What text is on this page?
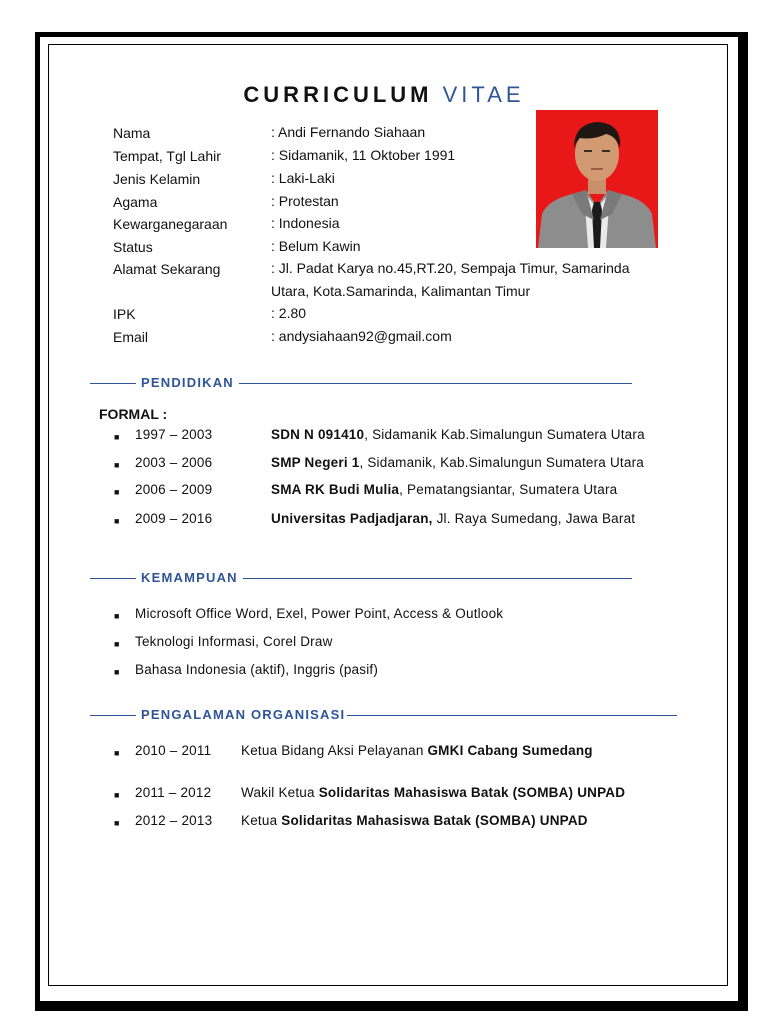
CURRICULUM VITAE
Nama	: Andi Fernando Siahaan
Tempat, Tgl Lahir	: Sidamanik, 11 Oktober 1991
Jenis Kelamin	: Laki-Laki
Agama	: Protestan
Kewarganegaraan	: Indonesia
Status	: Belum Kawin
Alamat Sekarang	: Jl. Padat Karya no.45,RT.20, Sempaja Timur, Samarinda Utara, Kota.Samarinda, Kalimantan Timur
IPK	: 2.80
Email	: andysiahaan92@gmail.com
PENDIDIKAN
FORMAL :
■ 1997 – 2003	SDN N 091410, Sidamanik Kab.Simalungun Sumatera Utara
■ 2003 – 2006	SMP Negeri 1, Sidamanik, Kab.Simalungun Sumatera Utara
■ 2006 – 2009	SMA RK Budi Mulia, Pematangsiantar, Sumatera Utara
■ 2009 – 2016	Universitas Padjadjaran, Jl. Raya Sumedang, Jawa Barat
KEMAMPUAN
■ Microsoft Office Word, Exel, Power Point, Access & Outlook
■ Teknologi Informasi, Corel Draw
■ Bahasa Indonesia (aktif), Inggris (pasif)
PENGALAMAN ORGANISASI
■ 2010 – 2011 Ketua Bidang Aksi Pelayanan GMKI Cabang Sumedang
■ 2011 – 2012 Wakil Ketua Solidaritas Mahasiswa Batak (SOMBA) UNPAD
■ 2012 – 2013 Ketua Solidaritas Mahasiswa Batak (SOMBA) UNPAD
